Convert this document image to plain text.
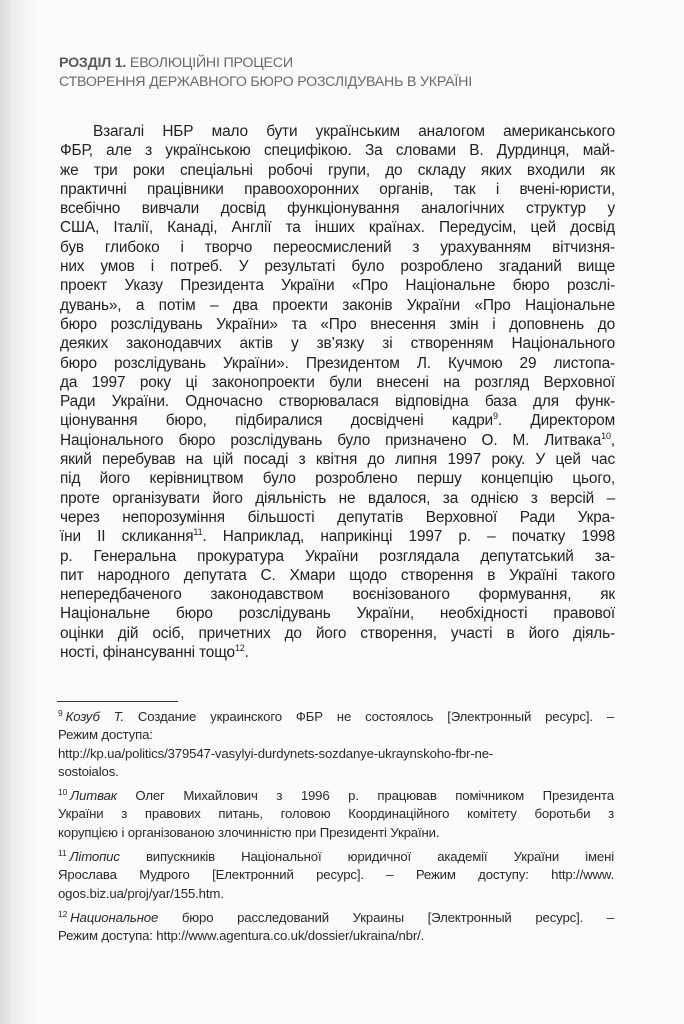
РОЗДІЛ 1. ЕВОЛЮЦІЙНІ ПРОЦЕСИ
СТВОРЕННЯ ДЕРЖАВНОГО БЮРО РОЗСЛІДУВАНЬ В УКРАЇНІ
Взагалі НБР мало бути українським аналогом американського
ФБР, але з українською специфікою. За словами В. Дурдинця, май-
же три роки спеціальні робочі групи, до складу яких входили як
практичні працівники правоохоронних органів, так і вчені-юристи,
всебічно вивчали досвід функціонування аналогічних структур у
США, Італії, Канаді, Англії та інших країнах. Передусім, цей досвід
був глибоко і творчо переосмислений з урахуванням вітчизня-
них умов і потреб. У результаті було розроблено згаданий вище
проект Указу Президента України «Про Національне бюро розслі-
дувань», а потім – два проекти законів України «Про Національне
бюро розслідувань України» та «Про внесення змін і доповнень до
деяких законодавчих актів у зв’язку зі створенням Національного
бюро розслідувань України». Президентом Л. Кучмою 29 листопа-
да 1997 року ці законопроекти були внесені на розгляд Верховної
Ради України. Одночасно створювалася відповідна база для функ-
ціонування бюро, підбиралися досвідчені кадри$^9$. Директором
Національного бюро розслідувань було призначено О. М. Литвака$^{10}$,
який перебував на цій посаді з квітня до липня 1997 року. У цей час
під його керівництвом було розроблено першу концепцію цього,
проте організувати його діяльність не вдалося, за однією з версій –
через непорозуміння більшості депутатів Верховної Ради Укра-
їни II скликання$^{11}$. Наприклад, наприкінці 1997 р. – початку 1998
р. Генеральна прокуратура України розглядала депутатський за-
пит народного депутата С. Хмари щодо створення в Україні такого
непередбаченого законодавством воєнізованого формування, як
Національне бюро розслідувань України, необхідності правової
оцінки дій осіб, причетних до його створення, участі в його діяль-
ності, фінансуванні тощо$^{12}$.
$^9$ Козуб Т. Создание украинского ФБР не состоялось [Электронный ресурс]. –
Режим доступа:
http://kp.ua/politics/379547-vasylyi-durdynets-sozdanye-ukraynskoho-fbr-ne-
sostoialos.
$^{10}$ Литвак Олег Михайлович з 1996 р. працював помічником Президента
України з правових питань, головою Координаційного комітету боротьби з
корупцією і організованою злочинністю при Президенті України.
$^{11}$ Літопис випускників Національної юридичної академії України імені
Ярослава Мудрого [Електронний ресурс]. – Режим доступу: http://www.
ogos.biz.ua/proj/yar/155.htm.
$^{12}$ Национальное бюро расследований Украины [Электронный ресурс]. –
Режим доступа: http://www.agentura.co.uk/dossier/ukraina/nbr/.
